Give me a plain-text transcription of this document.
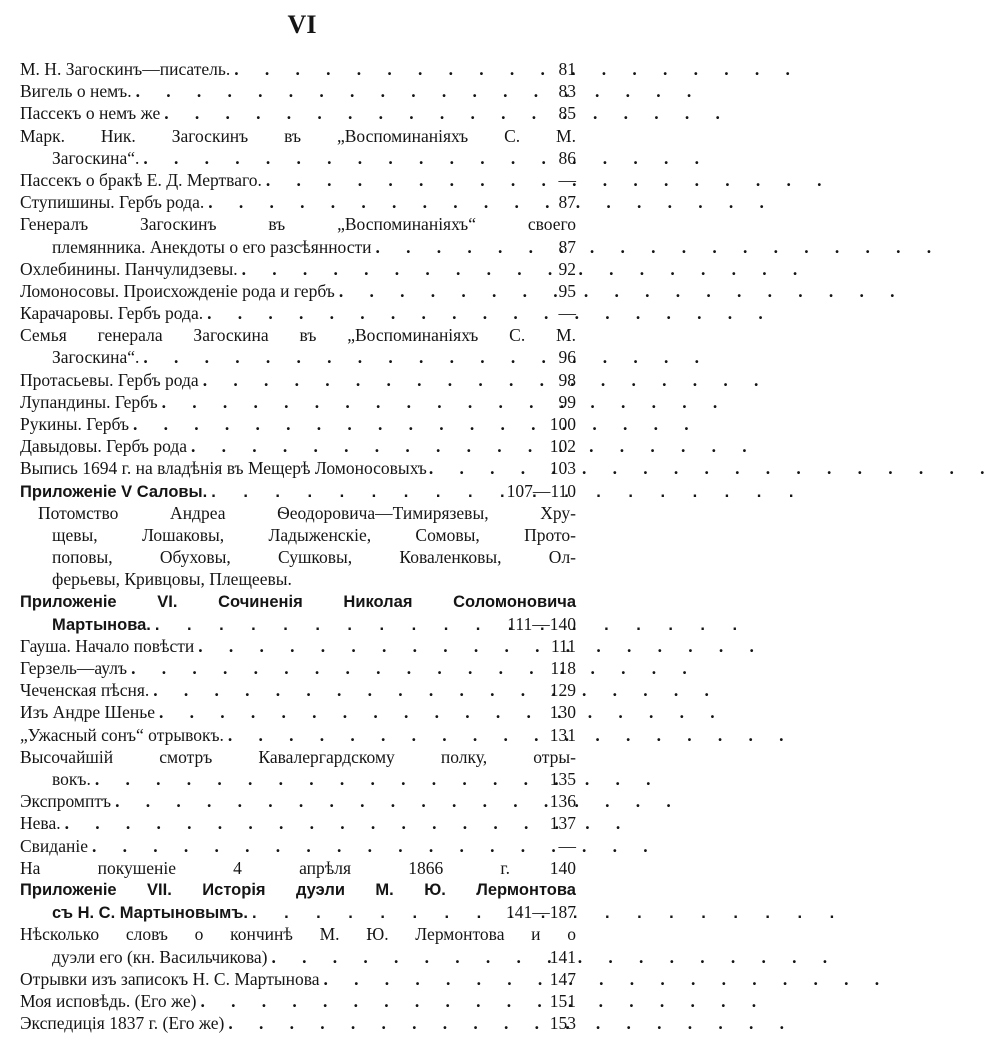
VI
М. Н. Загоскинъ—писатель. .	81
Вигель о немъ. .	83
Пассекъ о немъ же .	85
Марк. Ник. Загоскинъ въ „Воспоминаніяхъ С. М.
Загоскина“. .	86
Пассекъ о бракѣ Е. Д. Мертваго. .	—
Ступишины. Гербъ рода. .	87
Генералъ Загоскинъ въ „Воспоминаніяхъ“ своего
племянника. Анекдоты о его разсѣянности .	87
Охлебинины. Панчулидзевы. .	92
Ломоносовы. Происхожденіе рода и гербъ .	95
Карачаровы. Гербъ рода. .	—
Семья генерала Загоскина въ „Воспоминаніяхъ С. М.
Загоскина“. .	96
Протасьевы. Гербъ рода .	98
Лупандины. Гербъ .	99
Рукины. Гербъ .	100
Давыдовы. Гербъ рода .	102
Выпись 1694 г. на владѣнія въ Мещерѣ Ломоносовыхъ .	103
Приложеніе V Саловы. .	107—110
Потомство Андреа Ѳеодоровича—Тимирязевы, Хру-
щевы, Лошаковы, Ладыженскіе, Сомовы, Прото-
поповы, Обуховы, Сушковы, Коваленковы, Ол-
ферьевы, Кривцовы, Плещеевы.
Приложеніе VI. Сочиненія Николая Соломоновича
Мартынова. .	111—140
Гауша. Начало повѣсти .	111
Герзель—аулъ .	118
Чеченская пѣсня. .	129
Изъ Андре Шенье .	130
„Ужасный сонъ“ отрывокъ. .	131
Высочайшій смотръ Кавалергардскому полку, отры-
вокъ. .	135
Экспромптъ .	136
Нева. .	137
Свиданіе .	—
На покушеніе 4 апрѣля 1866 г.	140
Приложеніе VII. Исторія дуэли М. Ю. Лермонтова
съ Н. С. Мартыновымъ. .	141—187
Нѣсколько словъ о кончинѣ М. Ю. Лермонтова и о
дуэли его (кн. Васильчикова) .	141
Отрывки изъ записокъ Н. С. Мартынова .	147
Моя исповѣдь. (Его же) .	151
Экспедиція 1837 г. (Его же) .	153
